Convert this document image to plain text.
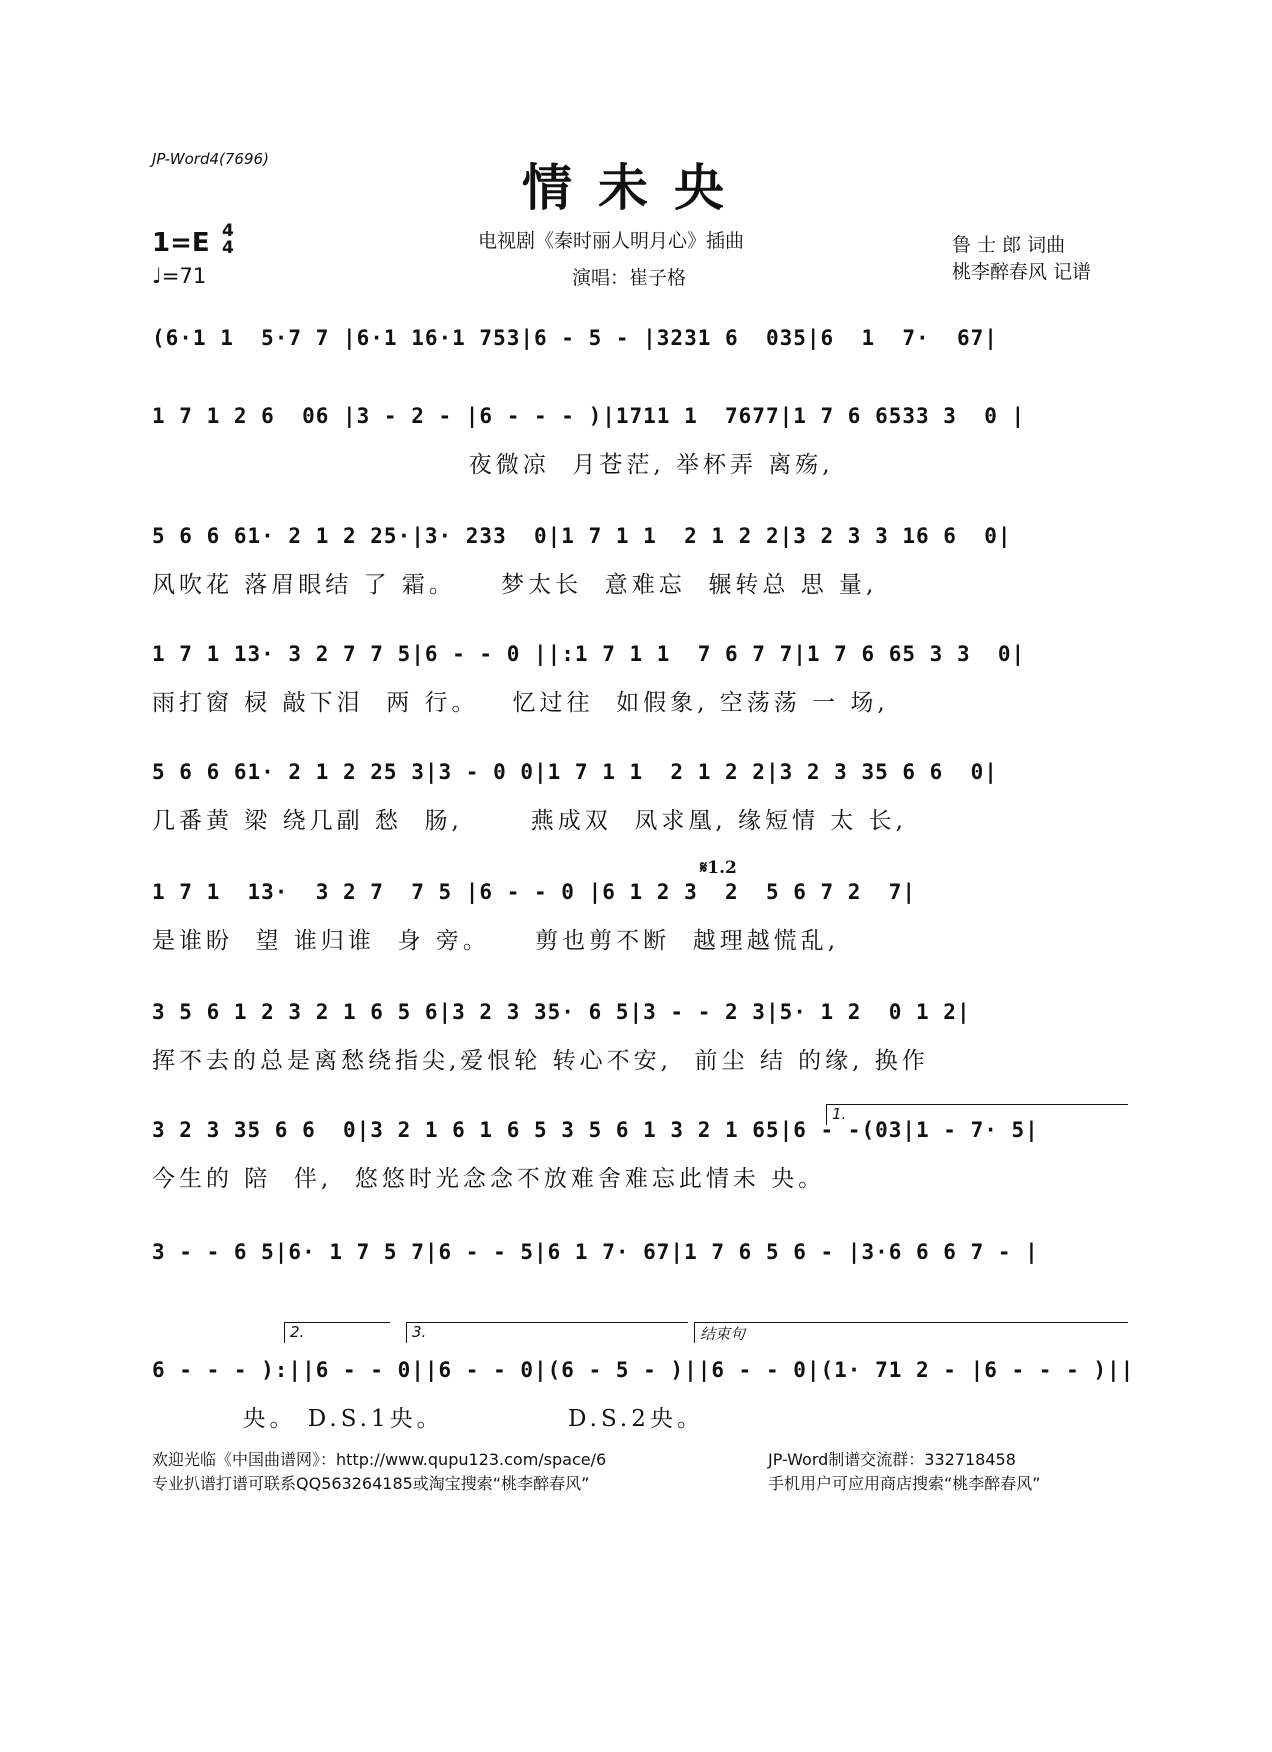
JP-Word4(7696)	情未央
1=E 4
4
♩=71
电视剧《秦时丽人明月心》插曲
演唱：崔子格
鲁 士 郎 词曲
桃李醉春风 记谱
(6·1 1  5·7 7 |6·1 16·1 753|6 - 5 - |3231 6  035|6  1  7·  67|
1 7 1 2 6  06 |3 - 2 - |6 - - - )|1711 1  7677|1 7 6 6533 3  0 |
夜微凉  月苍茫, 举杯弄 离殇,
5 6 6 61· 2 1 2 25·|3· 233  0|1 7 1 1  2 1 2 2|3 2 3 3 16 6  0|
风吹花 落眉眼结 了 霜。    梦太长  意难忘  辗转总 思 量,
1 7 1 13· 3 2 7 7 5|6 - - 0 ||:1 7 1 1  7 6 7 7|1 7 6 65 3 3  0|
雨打窗 棂 敲下泪  两 行。   忆过往  如假象, 空荡荡 一 场,
5 6 6 61· 2 1 2 25 3|3 - 0 0|1 7 1 1  2 1 2 2|3 2 3 35 6 6  0|
几番黄 梁 绕几副 愁  肠,      燕成双  凤求凰, 缘短情 太 长,
1 7 1  13·  3 2 7  7 5 |6 - - 0 |6 1 2 3  2  5 6 7 2  7|
是谁盼  望 谁归谁  身 旁。    剪也剪不断  越理越慌乱,
3 5 6 1 2 3 2 1 6 5 6|3 2 3 35· 6 5|3 - - 2 3|5· 1 2  0 1 2|
挥不去的总是离愁绕指尖,爱恨轮 转心不安,  前尘 结 的缘, 换作
3 2 3 35 6 6  0|3 2 1 6 1 6 5 3 5 6 1 3 2 1 65|6 - -(03|1 - 7· 5|
今生的 陪  伴,  悠悠时光念念不放难舍难忘此情未 央。
3 - - 6 5|6· 1 7 5 7|6 - - 5|6 1 7· 67|1 7 6 5 6 - |3·6 6 6 7 - |
6 - - - ):||6 - - 0||6 - - 0|(6 - 5 - )||6 - - 0|(1· 71 2 - |6 - - - )||
央。 D.S.1央。           D.S.2央。
𝄋1.2
1.
2.	3.	结束句
欢迎光临《中国曲谱网》：http://www.qupu123.com/space/6
专业扒谱打谱可联系QQ563264185或淘宝搜索“桃李醉春风”
JP-Word制谱交流群：332718458
手机用户可应用商店搜索“桃李醉春风”
